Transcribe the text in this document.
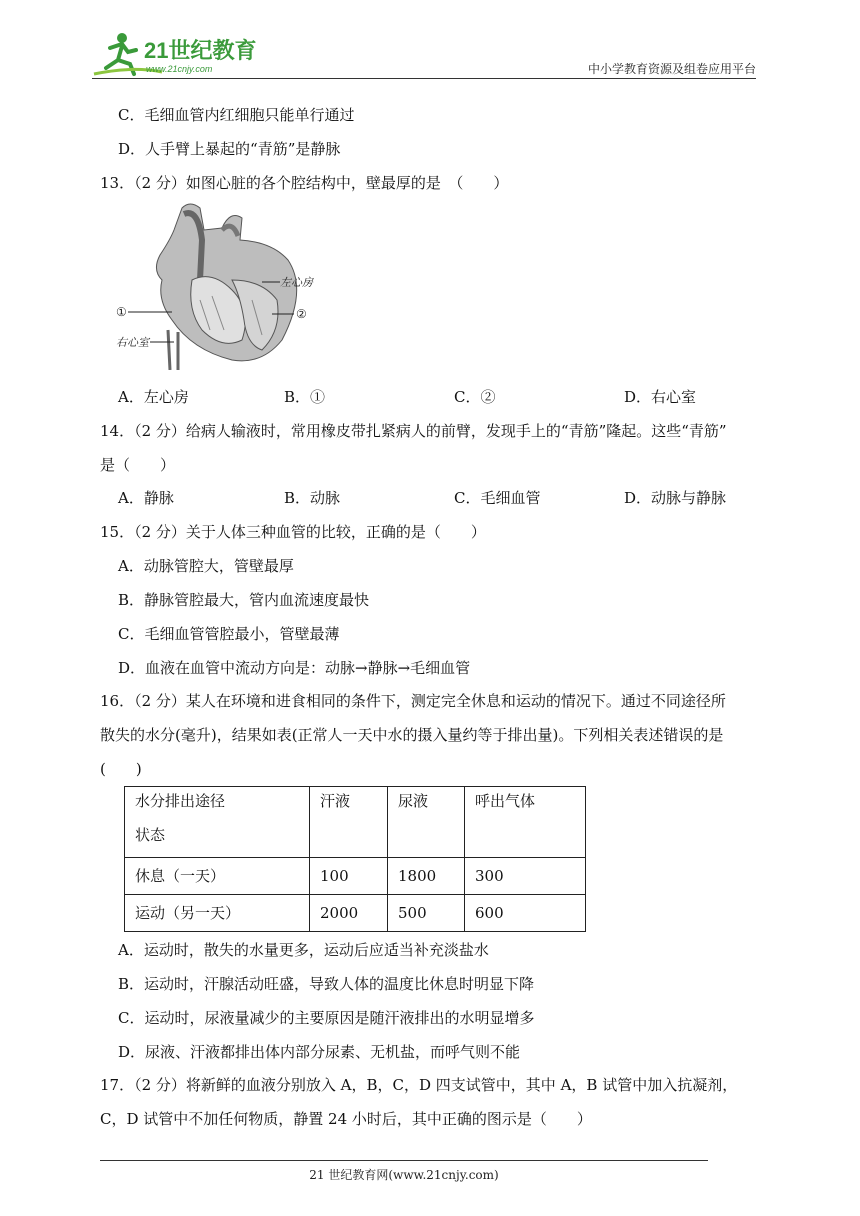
21世纪教育
www.21cnjy.com	中小学教育资源及组卷应用平台
C．毛细血管内红细胞只能单行通过
D．人手臂上暴起的“青筋”是静脉
13．（2 分）如图心脏的各个腔结构中，壁最厚的是　（　　）
左心房
①	②
右心室
A．左心房	B．①	C．②	D．右心室
14．（2 分）给病人输液时，常用橡皮带扎紧病人的前臂，发现手上的“青筋”隆起。这些“青筋”
是（　　）
A．静脉	B．动脉	C．毛细血管	D．动脉与静脉
15．（2 分）关于人体三种血管的比较，正确的是（　　）
A．动脉管腔大，管壁最厚
B．静脉管腔最大，管内血流速度最快
C．毛细血管管腔最小，管壁最薄
D．血液在血管中流动方向是：动脉→静脉→毛细血管
16．（2 分）某人在环境和进食相同的条件下，测定完全休息和运动的情况下。通过不同途径所
散失的水分(毫升)，结果如表(正常人一天中水的摄入量约等于排出量)。下列相关表述错误的是
(　　)
水分排出途径
状态	汗液	尿液	呼出气体
休息（一天）	100	1800	300
运动（另一天）	2000	500	600
A．运动时，散失的水量更多，运动后应适当补充淡盐水
B．运动时，汗腺活动旺盛，导致人体的温度比休息时明显下降
C．运动时，尿液量减少的主要原因是随汗液排出的水明显增多
D．尿液、汗液都排出体内部分尿素、无机盐，而呼气则不能
17．（2 分）将新鲜的血液分别放入 A，B，C，D 四支试管中，其中 A，B 试管中加入抗凝剂，
C，D 试管中不加任何物质，静置 24 小时后，其中正确的图示是（　　）
21 世纪教育网(www.21cnjy.com)
